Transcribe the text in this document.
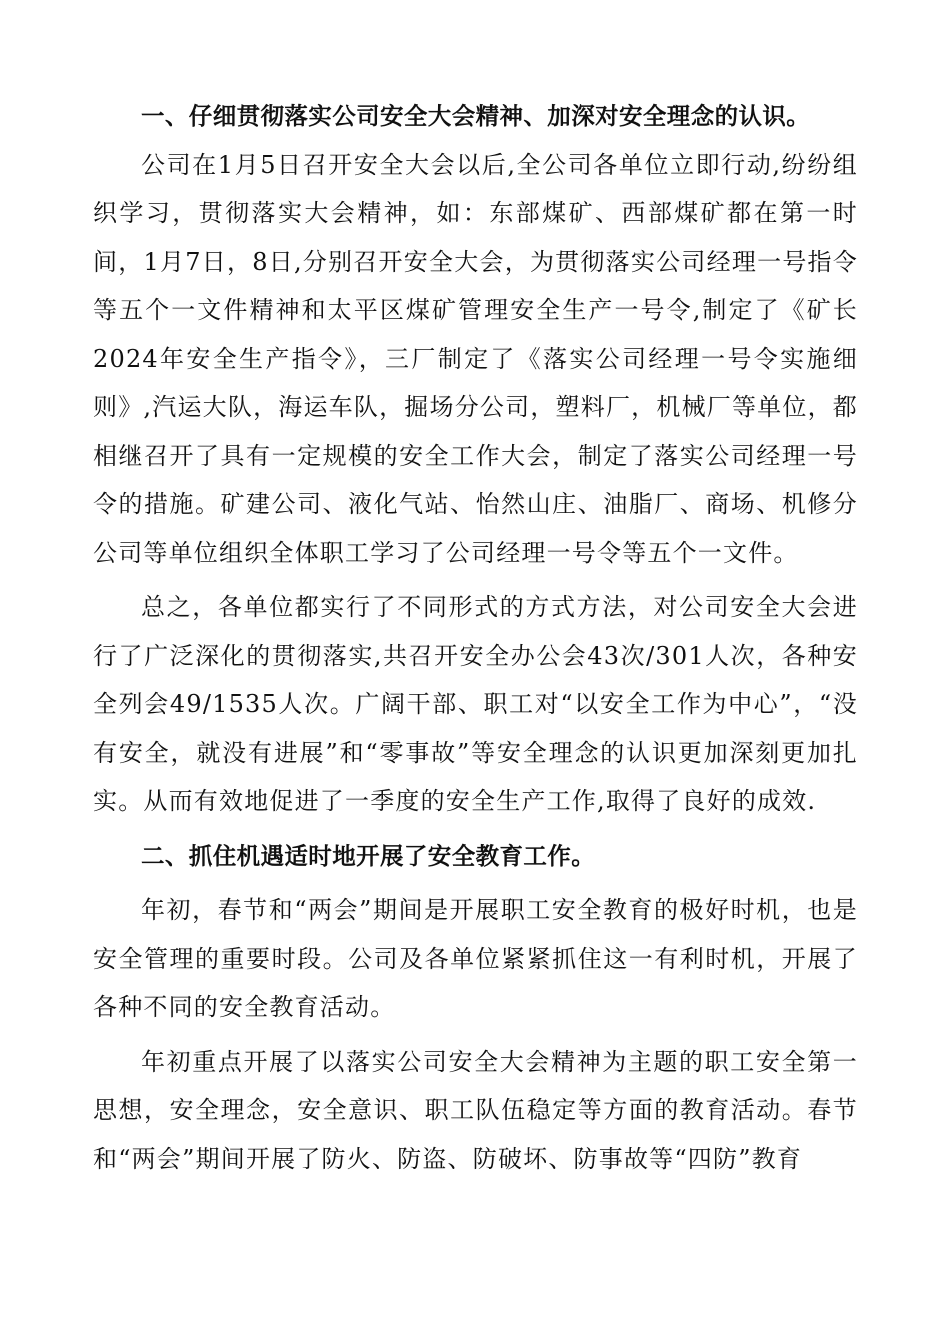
一、仔细贯彻落实公司安全大会精神、加深对安全理念的认识。

公司在1月5日召开安全大会以后,全公司各单位立即行动,纷纷组织学习，贯彻落实大会精神，如：东部煤矿、西部煤矿都在第一时间，1月7日，8日,分别召开安全大会，为贯彻落实公司经理一号指令等五个一文件精神和太平区煤矿管理安全生产一号令,制定了《矿长2024年安全生产指令》，三厂制定了《落实公司经理一号令实施细则》,汽运大队，海运车队，掘场分公司，塑料厂，机械厂等单位，都相继召开了具有一定规模的安全工作大会，制定了落实公司经理一号令的措施。矿建公司、液化气站、怡然山庄、油脂厂、商场、机修分公司等单位组织全体职工学习了公司经理一号令等五个一文件。

总之，各单位都实行了不同形式的方式方法，对公司安全大会进行了广泛深化的贯彻落实,共召开安全办公会43次/301人次，各种安全列会49/1535人次。广阔干部、职工对“以安全工作为中心”，“没有安全，就没有进展”和“零事故”等安全理念的认识更加深刻更加扎实。从而有效地促进了一季度的安全生产工作,取得了良好的成效.

二、抓住机遇适时地开展了安全教育工作。

年初，春节和“两会”期间是开展职工安全教育的极好时机，也是安全管理的重要时段。公司及各单位紧紧抓住这一有利时机，开展了各种不同的安全教育活动。

年初重点开展了以落实公司安全大会精神为主题的职工安全第一思想，安全理念，安全意识、职工队伍稳定等方面的教育活动。春节和“两会”期间开展了防火、防盗、防破坏、防事故等“四防”教育
